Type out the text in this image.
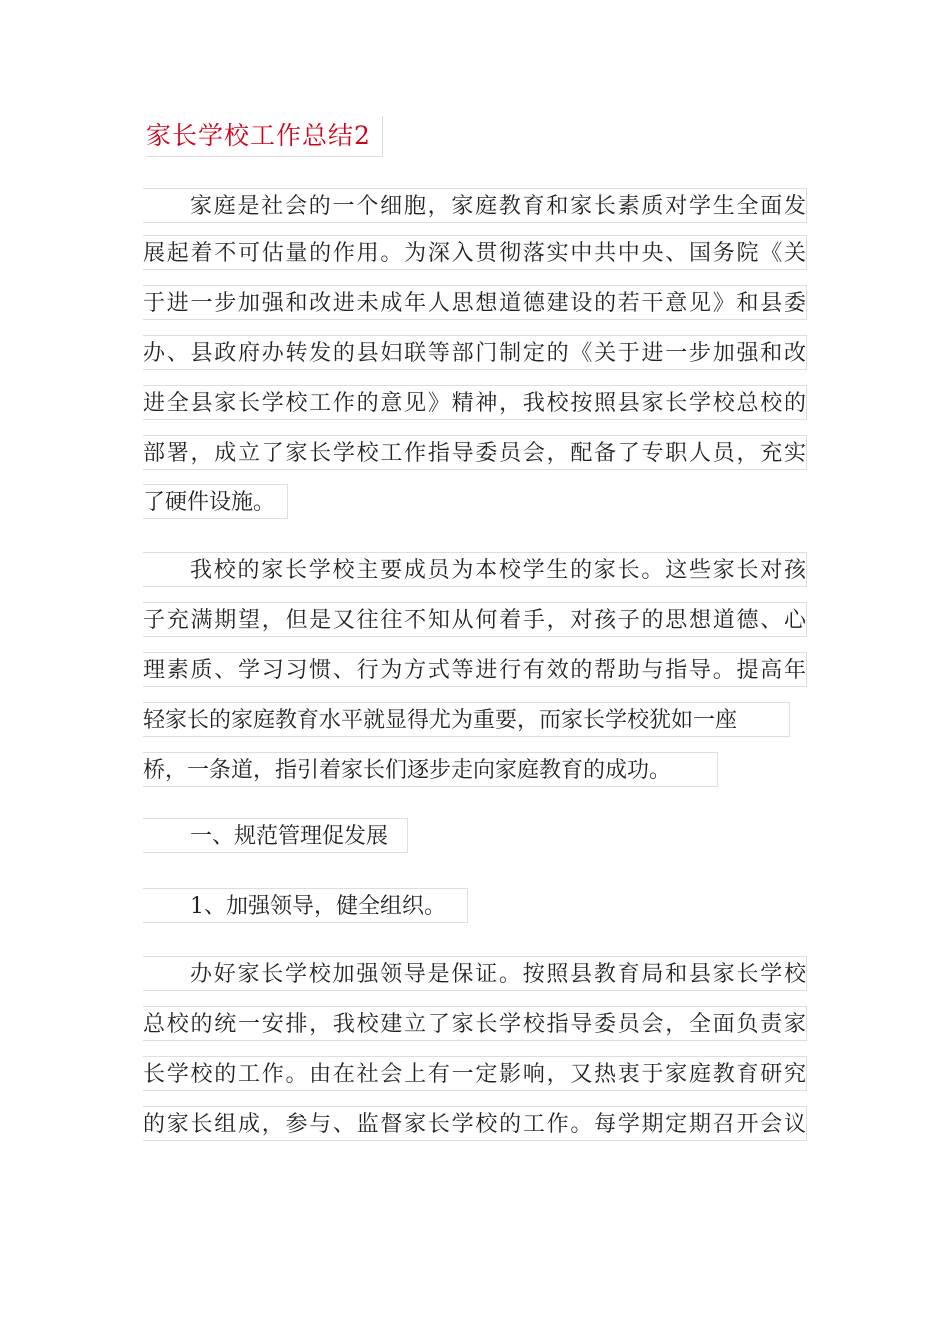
家长学校工作总结2
家庭是社会的一个细胞，家庭教育和家长素质对学生全面发
展起着不可估量的作用。为深入贯彻落实中共中央、国务院《关
于进一步加强和改进未成年人思想道德建设的若干意见》和县委
办、县政府办转发的县妇联等部门制定的《关于进一步加强和改
进全县家长学校工作的意见》精神，我校按照县家长学校总校的
部署，成立了家长学校工作指导委员会，配备了专职人员，充实
了硬件设施。
我校的家长学校主要成员为本校学生的家长。这些家长对孩
子充满期望，但是又往往不知从何着手，对孩子的思想道德、心
理素质、学习习惯、行为方式等进行有效的帮助与指导。提高年
轻家长的家庭教育水平就显得尤为重要，而家长学校犹如一座
桥，一条道，指引着家长们逐步走向家庭教育的成功。
一、规范管理促发展
1、加强领导，健全组织。
办好家长学校加强领导是保证。按照县教育局和县家长学校
总校的统一安排，我校建立了家长学校指导委员会，全面负责家
长学校的工作。由在社会上有一定影响，又热衷于家庭教育研究
的家长组成，参与、监督家长学校的工作。每学期定期召开会议
